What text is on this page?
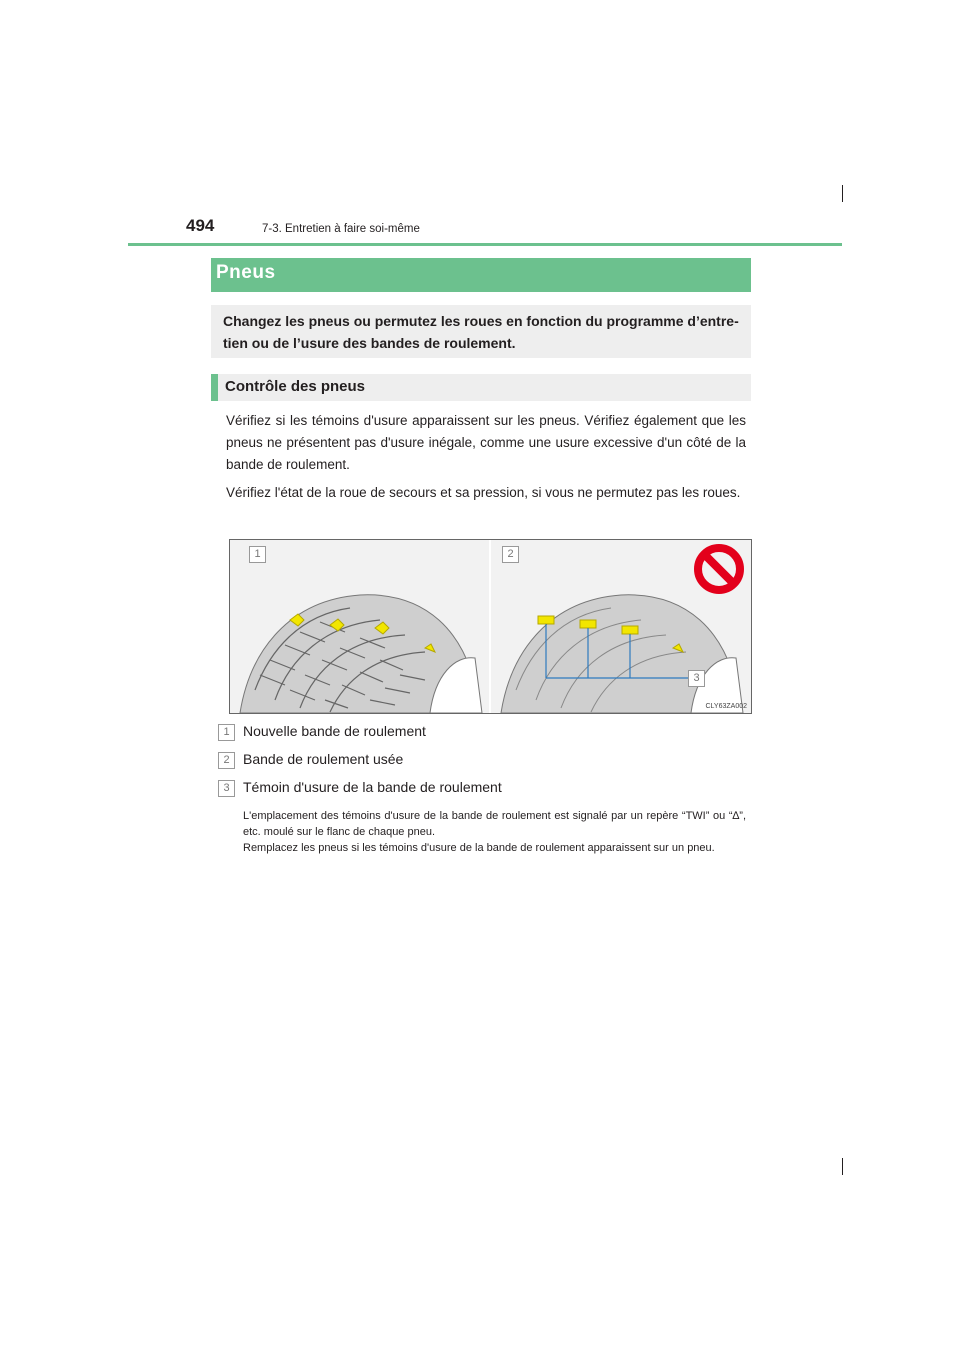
494	7-3. Entretien à faire soi-même
Pneus
Changez les pneus ou permutez les roues en fonction du programme d’entre-tien ou de l’usure des bandes de roulement.
Contrôle des pneus
Vérifiez si les témoins d'usure apparaissent sur les pneus. Vérifiez également que les pneus ne présentent pas d'usure inégale, comme une usure excessive d'un côté de la bande de roulement.
Vérifiez l'état de la roue de secours et sa pression, si vous ne permutez pas les roues.
1	2
3
CLY63ZA002
1 Nouvelle bande de roulement
2 Bande de roulement usée
3 Témoin d'usure de la bande de roulement
L'emplacement des témoins d'usure de la bande de roulement est signalé par un repère “TWI” ou “∆”, etc. moulé sur le flanc de chaque pneu.
Remplacez les pneus si les témoins d'usure de la bande de roulement apparaissent sur un pneu.
